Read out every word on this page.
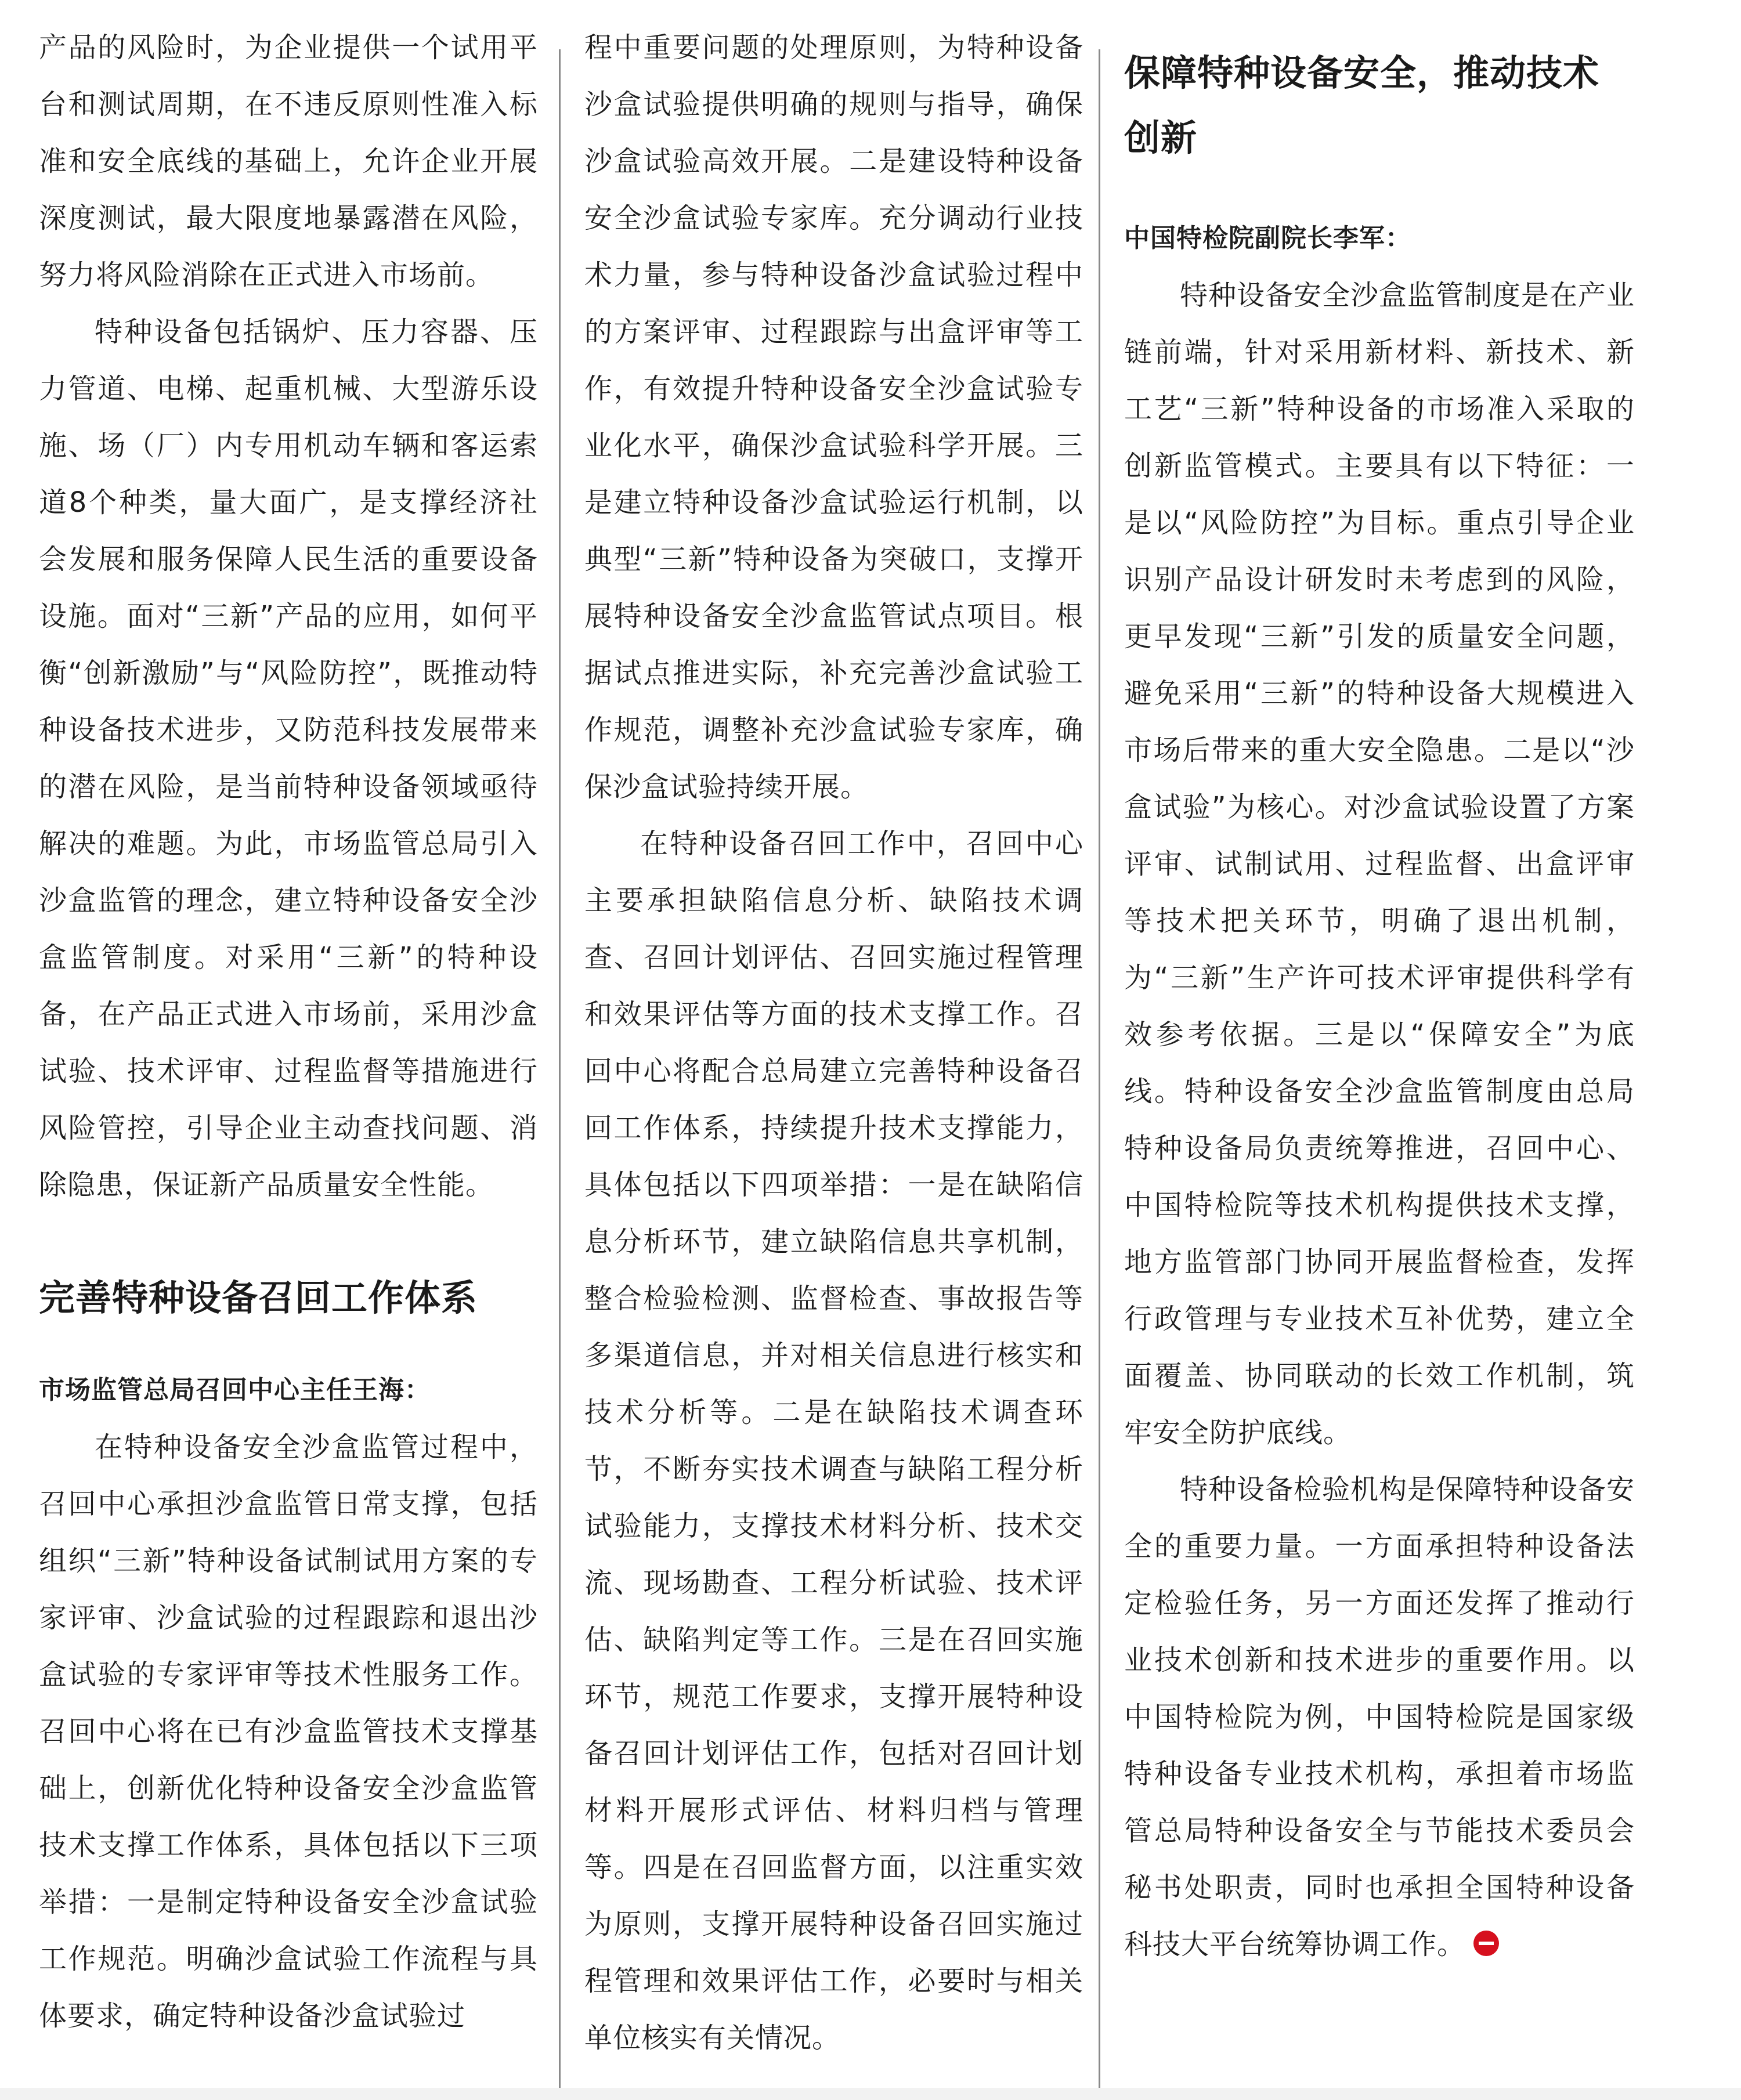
产品的风险时，为企业提供一个试用平台和测试周期，在不违反原则性准入标准和安全底线的基础上，允许企业开展深度测试，最大限度地暴露潜在风险，努力将风险消除在正式进入市场前。

特种设备包括锅炉、压力容器、压力管道、电梯、起重机械、大型游乐设施、场（厂）内专用机动车辆和客运索道8个种类，量大面广，是支撑经济社会发展和服务保障人民生活的重要设备设施。面对“三新”产品的应用，如何平衡“创新激励”与“风险防控”，既推动特种设备技术进步，又防范科技发展带来的潜在风险，是当前特种设备领域亟待解决的难题。为此，市场监管总局引入沙盒监管的理念，建立特种设备安全沙盒监管制度。对采用“三新”的特种设备，在产品正式进入市场前，采用沙盒试验、技术评审、过程监督等措施进行风险管控，引导企业主动查找问题、消除隐患，保证新产品质量安全性能。

完善特种设备召回工作体系

市场监管总局召回中心主任王海：

在特种设备安全沙盒监管过程中，召回中心承担沙盒监管日常支撑，包括组织“三新”特种设备试制试用方案的专家评审、沙盒试验的过程跟踪和退出沙盒试验的专家评审等技术性服务工作。召回中心将在已有沙盒监管技术支撑基础上，创新优化特种设备安全沙盒监管技术支撑工作体系，具体包括以下三项举措：一是制定特种设备安全沙盒试验工作规范。明确沙盒试验工作流程与具体要求，确定特种设备沙盒试验过

程中重要问题的处理原则，为特种设备沙盒试验提供明确的规则与指导，确保沙盒试验高效开展。二是建设特种设备安全沙盒试验专家库。充分调动行业技术力量，参与特种设备沙盒试验过程中的方案评审、过程跟踪与出盒评审等工作，有效提升特种设备安全沙盒试验专业化水平，确保沙盒试验科学开展。三是建立特种设备沙盒试验运行机制，以典型“三新”特种设备为突破口，支撑开展特种设备安全沙盒监管试点项目。根据试点推进实际，补充完善沙盒试验工作规范，调整补充沙盒试验专家库，确保沙盒试验持续开展。

在特种设备召回工作中，召回中心主要承担缺陷信息分析、缺陷技术调查、召回计划评估、召回实施过程管理和效果评估等方面的技术支撑工作。召回中心将配合总局建立完善特种设备召回工作体系，持续提升技术支撑能力，具体包括以下四项举措：一是在缺陷信息分析环节，建立缺陷信息共享机制，整合检验检测、监督检查、事故报告等多渠道信息，并对相关信息进行核实和技术分析等。二是在缺陷技术调查环节，不断夯实技术调查与缺陷工程分析试验能力，支撑技术材料分析、技术交流、现场勘查、工程分析试验、技术评估、缺陷判定等工作。三是在召回实施环节，规范工作要求，支撑开展特种设备召回计划评估工作，包括对召回计划材料开展形式评估、材料归档与管理等。四是在召回监督方面，以注重实效为原则，支撑开展特种设备召回实施过程管理和效果评估工作，必要时与相关单位核实有关情况。

保障特种设备安全，推动技术创新

中国特检院副院长李军：

特种设备安全沙盒监管制度是在产业链前端，针对采用新材料、新技术、新工艺“三新”特种设备的市场准入采取的创新监管模式。主要具有以下特征：一是以“风险防控”为目标。重点引导企业识别产品设计研发时未考虑到的风险，更早发现“三新”引发的质量安全问题，避免采用“三新”的特种设备大规模进入市场后带来的重大安全隐患。二是以“沙盒试验”为核心。对沙盒试验设置了方案评审、试制试用、过程监督、出盒评审等技术把关环节，明确了退出机制，为“三新”生产许可技术评审提供科学有效参考依据。三是以“保障安全”为底线。特种设备安全沙盒监管制度由总局特种设备局负责统筹推进，召回中心、中国特检院等技术机构提供技术支撑，地方监管部门协同开展监督检查，发挥行政管理与专业技术互补优势，建立全面覆盖、协同联动的长效工作机制，筑牢安全防护底线。

特种设备检验机构是保障特种设备安全的重要力量。一方面承担特种设备法定检验任务，另一方面还发挥了推动行业技术创新和技术进步的重要作用。以中国特检院为例，中国特检院是国家级特种设备专业技术机构，承担着市场监管总局特种设备安全与节能技术委员会秘书处职责，同时也承担全国特种设备科技大平台统筹协调工作。
